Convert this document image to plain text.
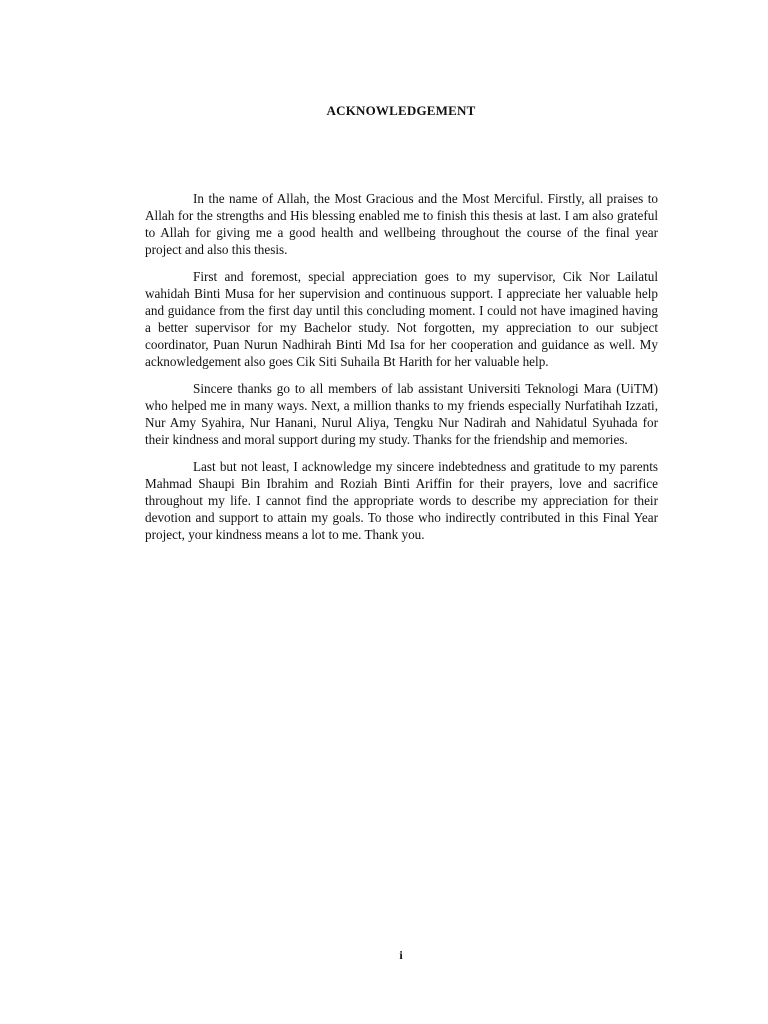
ACKNOWLEDGEMENT

In the name of Allah, the Most Gracious and the Most Merciful. Firstly, all praises to Allah for the strengths and His blessing enabled me to finish this thesis at last. I am also grateful to Allah for giving me a good health and wellbeing throughout the course of the final year project and also this thesis.

First and foremost, special appreciation goes to my supervisor, Cik Nor Lailatul wahidah Binti Musa for her supervision and continuous support. I appreciate her valuable help and guidance from the first day until this concluding moment. I could not have imagined having a better supervisor for my Bachelor study. Not forgotten, my appreciation to our subject coordinator, Puan Nurun Nadhirah Binti Md Isa for her cooperation and guidance as well. My acknowledgement also goes Cik Siti Suhaila Bt Harith for her valuable help.

Sincere thanks go to all members of lab assistant Universiti Teknologi Mara (UiTM) who helped me in many ways. Next, a million thanks to my friends especially Nurfatihah Izzati, Nur Amy Syahira, Nur Hanani, Nurul Aliya, Tengku Nur Nadirah and Nahidatul Syuhada for their kindness and moral support during my study. Thanks for the friendship and memories.

Last but not least, I acknowledge my sincere indebtedness and gratitude to my parents Mahmad Shaupi Bin Ibrahim and Roziah Binti Ariffin for their prayers, love and sacrifice throughout my life. I cannot find the appropriate words to describe my appreciation for their devotion and support to attain my goals. To those who indirectly contributed in this Final Year project, your kindness means a lot to me. Thank you.

i
